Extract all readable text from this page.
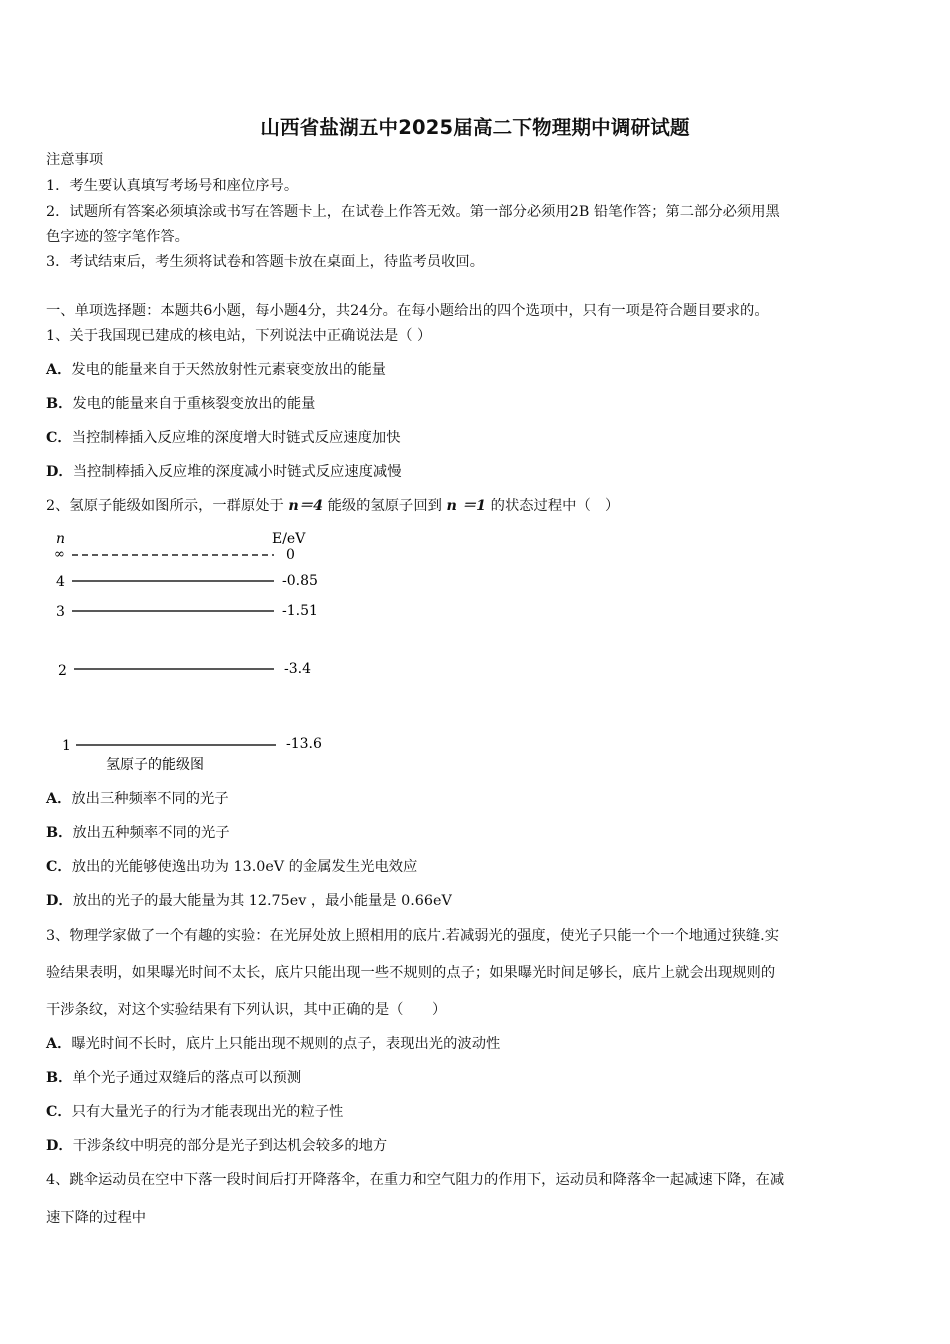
山西省盐湖五中2025届高二下物理期中调研试题
注意事项
1．考生要认真填写考场号和座位序号。
2．试题所有答案必须填涂或书写在答题卡上，在试卷上作答无效。第一部分必须用2B 铅笔作答；第二部分必须用黑
色字迹的签字笔作答。
3．考试结束后，考生须将试卷和答题卡放在桌面上，待监考员收回。
一、单项选择题：本题共6小题，每小题4分，共24分。在每小题给出的四个选项中，只有一项是符合题目要求的。
1、关于我国现已建成的核电站，下列说法中正确说法是（ ）
A．发电的能量来自于天然放射性元素衰变放出的能量
B．发电的能量来自于重核裂变放出的能量
C．当控制棒插入反应堆的深度增大时链式反应速度加快
D．当控制棒插入反应堆的深度减小时链式反应速度减慢
2、氢原子能级如图所示，一群原处于 n＝4 能级的氢原子回到 n ＝1 的状态过程中（　）
n	E/eV
∞	0
4	-0.85
3	-1.51
2	-3.4
1	-13.6
氢原子的能级图
A．放出三种频率不同的光子
B．放出五种频率不同的光子
C．放出的光能够使逸出功为 13.0eV 的金属发生光电效应
D．放出的光子的最大能量为其 12.75ev ，最小能量是 0.66eV
3、物理学家做了一个有趣的实验：在光屏处放上照相用的底片.若减弱光的强度，使光子只能一个一个地通过狭缝.实
验结果表明，如果曝光时间不太长，底片只能出现一些不规则的点子；如果曝光时间足够长，底片上就会出现规则的
干涉条纹，对这个实验结果有下列认识，其中正确的是（　　）
A．曝光时间不长时，底片上只能出现不规则的点子，表现出光的波动性
B．单个光子通过双缝后的落点可以预测
C．只有大量光子的行为才能表现出光的粒子性
D．干涉条纹中明亮的部分是光子到达机会较多的地方
4、跳伞运动员在空中下落一段时间后打开降落伞，在重力和空气阻力的作用下，运动员和降落伞一起减速下降，在减
速下降的过程中
